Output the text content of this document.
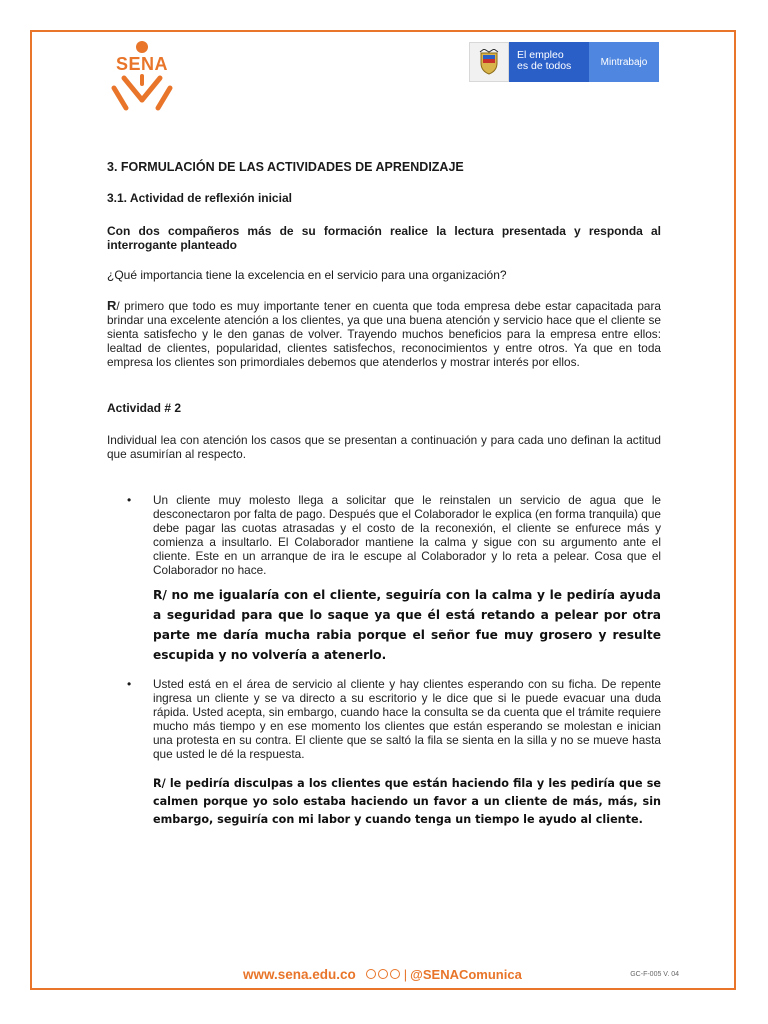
SENA	El empleo
es de todos	Mintrabajo
3. FORMULACIÓN DE LAS ACTIVIDADES DE APRENDIZAJE
3.1. Actividad de reflexión inicial

Con dos compañeros más de su formación realice la lectura presentada y responda al interrogante planteado

¿Qué importancia tiene la excelencia en el servicio para una organización?

R/ primero que todo es muy importante tener en cuenta que toda empresa debe estar capacitada para brindar una excelente atención a los clientes, ya que una buena atención y servicio hace que el cliente se sienta satisfecho y le den ganas de volver. Trayendo muchos beneficios para la empresa entre ellos: lealtad de clientes, popularidad, clientes satisfechos, reconocimientos y entre otros. Ya que en toda empresa los clientes son primordiales debemos que atenderlos y mostrar interés por ellos.

Actividad # 2

Individual lea con atención los casos que se presentan a continuación y para cada uno definan la actitud que asumirían al respecto.

• Un cliente muy molesto llega a solicitar que le reinstalen un servicio de agua que le desconectaron por falta de pago. Después que el Colaborador le explica (en forma tranquila) que debe pagar las cuotas atrasadas y el costo de la reconexión, el cliente se enfurece más y comienza a insultarlo. El Colaborador mantiene la calma y sigue con su argumento ante el cliente. Este en un arranque de ira le escupe al Colaborador y lo reta a pelear. Cosa que el Colaborador no hace.
R/ no me igualaría con el cliente, seguiría con la calma y le pediría ayuda a seguridad para que lo saque ya que él está retando a pelear por otra parte me daría mucha rabia porque el señor fue muy grosero y resulte escupida y no volvería a atenerlo.
• Usted está en el área de servicio al cliente y hay clientes esperando con su ficha. De repente ingresa un cliente y se va directo a su escritorio y le dice que si le puede evacuar una duda rápida. Usted acepta, sin embargo, cuando hace la consulta se da cuenta que el trámite requiere mucho más tiempo y en ese momento los clientes que están esperando se molestan e inician una protesta en su contra. El cliente que se saltó la fila se sienta en la silla y no se mueve hasta que usted le dé la respuesta.
R/ le pediría disculpas a los clientes que están haciendo fila y les pediría que se calmen porque yo solo estaba haciendo un favor a un cliente de más, más, sin embargo, seguiría con mi labor y cuando tenga un tiempo le ayudo al cliente.
www.sena.edu.co	| @SENAComunica	GC-F-005 V. 04
